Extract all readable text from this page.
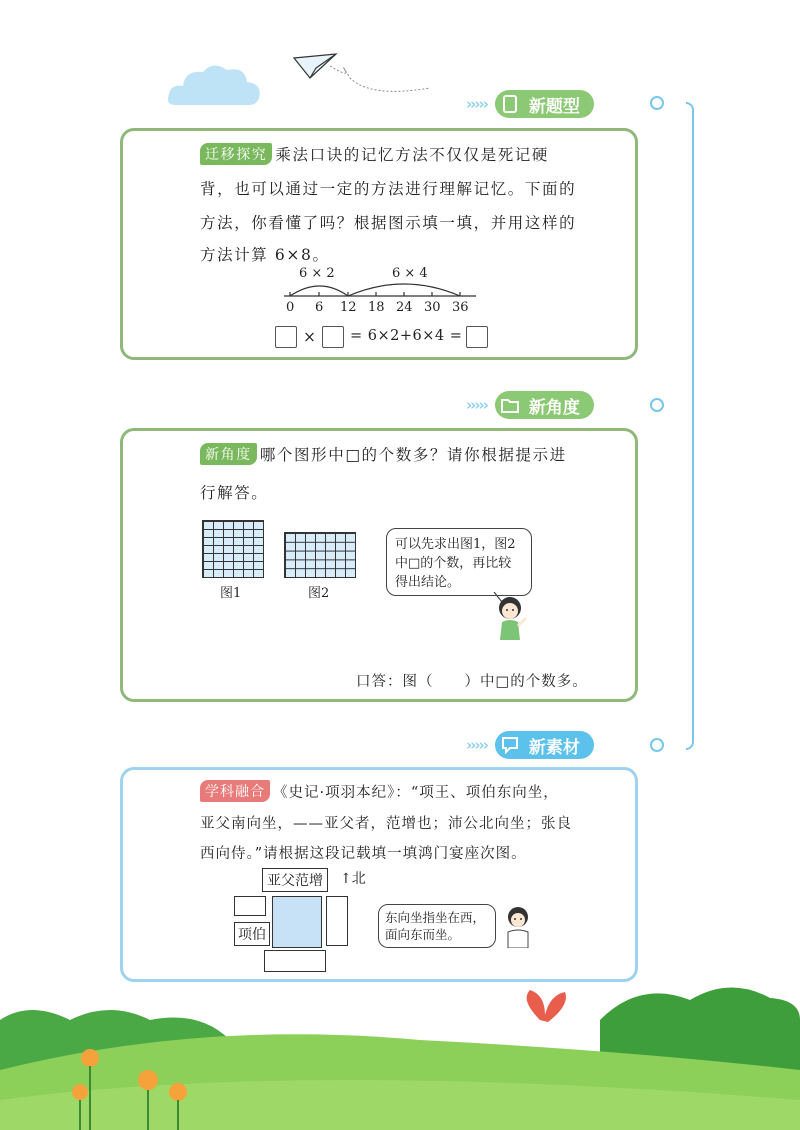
››››› 新题型
迁移探究 乘法口诀的记忆方法不仅仅是死记硬
背，也可以通过一定的方法进行理解记忆。下面的
方法，你看懂了吗？根据图示填一填，并用这样的
方法计算 6×8。
6 × 2	6 × 4
0 6 12 18 24 30 36
× = 6×2+6×4 =
››››› 新角度
新角度 哪个图形中□的个数多？请你根据提示进
行解答。
图1	图2
可以先求出图1，图2
中□的个数，再比较
得出结论。
口答：图（　　）中□的个数多。
››››› 新素材
学科融合 《史记·项羽本纪》：“项王、项伯东向坐，
亚父南向坐，——亚父者，范增也；沛公北向坐；张良
西向侍。”请根据这段记载填一填鸿门宴座次图。
亚父范增	↑北
项伯
东向坐指坐在西，
面向东而坐。
